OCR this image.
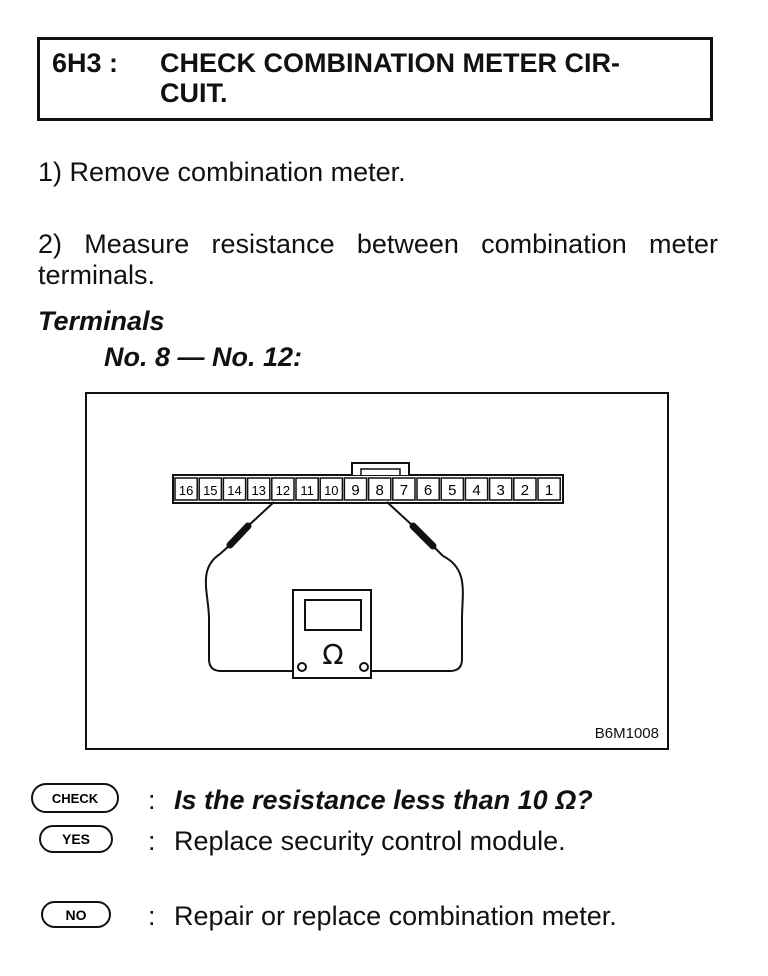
6H3 : CHECK COMBINATION METER CIR-
CUIT.
1) Remove combination meter.
2) Measure resistance between combination meter terminals.
Terminals
No. 8 — No. 12:
16 15 14 13 12 11 10 9 8 7 6 5 4 3 2 1
Ω
B6M1008
CHECK : Is the resistance less than 10 Ω?
YES : Replace security control module.
NO : Repair or replace combination meter.
